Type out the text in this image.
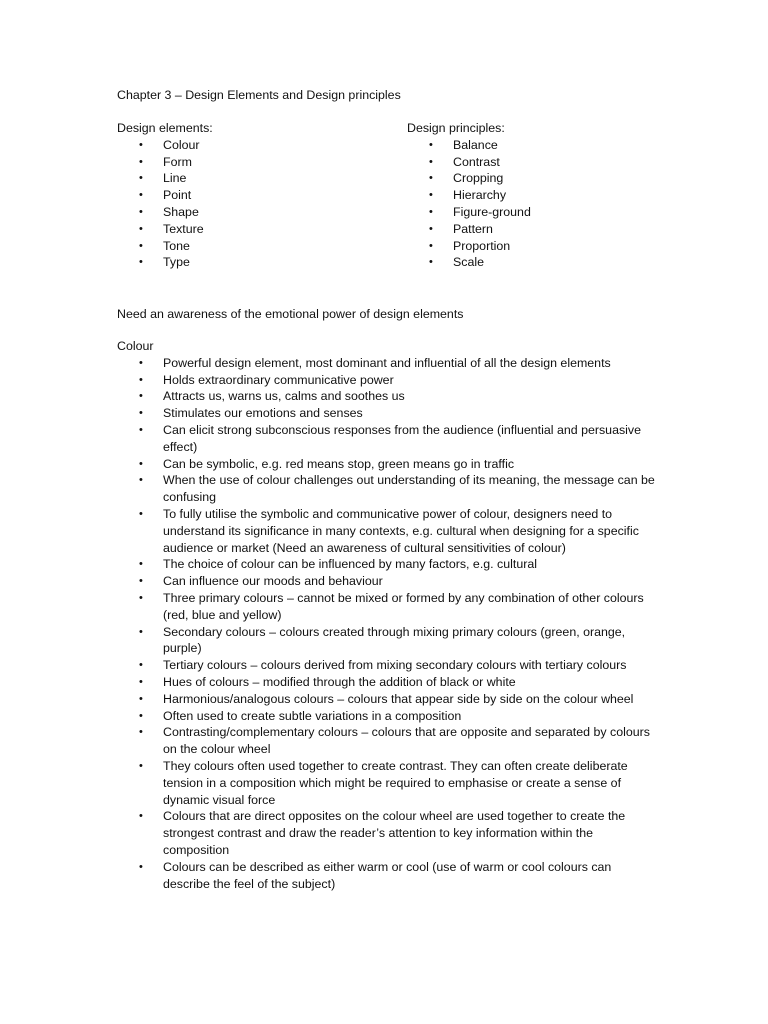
Chapter 3 – Design Elements and Design principles
Design elements:
• Colour
• Form
• Line
• Point
• Shape
• Texture
• Tone
• Type
Design principles:
• Balance
• Contrast
• Cropping
• Hierarchy
• Figure-ground
• Pattern
• Proportion
• Scale
Need an awareness of the emotional power of design elements
Colour
• Powerful design element, most dominant and influential of all the design elements
• Holds extraordinary communicative power
• Attracts us, warns us, calms and soothes us
• Stimulates our emotions and senses
• Can elicit strong subconscious responses from the audience (influential and persuasive effect)
• Can be symbolic, e.g. red means stop, green means go in traffic
• When the use of colour challenges out understanding of its meaning, the message can be confusing
• To fully utilise the symbolic and communicative power of colour, designers need to understand its significance in many contexts, e.g. cultural when designing for a specific audience or market (Need an awareness of cultural sensitivities of colour)
• The choice of colour can be influenced by many factors, e.g. cultural
• Can influence our moods and behaviour
• Three primary colours – cannot be mixed or formed by any combination of other colours (red, blue and yellow)
• Secondary colours – colours created through mixing primary colours (green, orange, purple)
• Tertiary colours – colours derived from mixing secondary colours with tertiary colours
• Hues of colours – modified through the addition of black or white
• Harmonious/analogous colours – colours that appear side by side on the colour wheel
• Often used to create subtle variations in a composition
• Contrasting/complementary colours – colours that are opposite and separated by colours on the colour wheel
• They colours often used together to create contrast. They can often create deliberate tension in a composition which might be required to emphasise or create a sense of dynamic visual force
• Colours that are direct opposites on the colour wheel are used together to create the strongest contrast and draw the reader’s attention to key information within the composition
• Colours can be described as either warm or cool (use of warm or cool colours can describe the feel of the subject)
